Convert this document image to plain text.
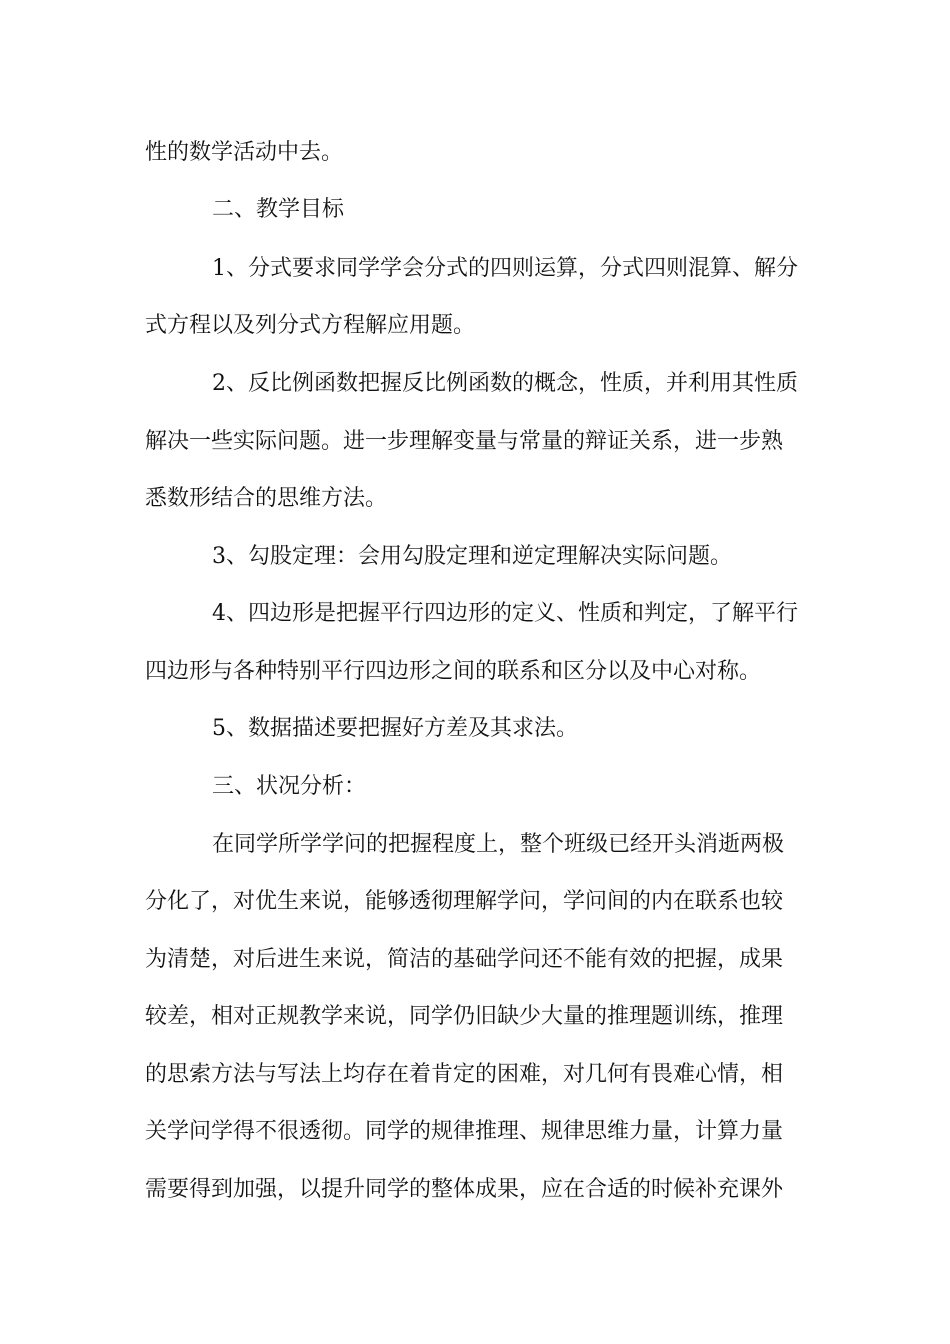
性的数学活动中去。
二、教学目标
1、分式要求同学学会分式的四则运算，分式四则混算、解分
式方程以及列分式方程解应用题。
2、反比例函数把握反比例函数的概念，性质，并利用其性质
解决一些实际问题。进一步理解变量与常量的辩证关系，进一步熟
悉数形结合的思维方法。
3、勾股定理：会用勾股定理和逆定理解决实际问题。
4、四边形是把握平行四边形的定义、性质和判定，了解平行
四边形与各种特别平行四边形之间的联系和区分以及中心对称。
5、数据描述要把握好方差及其求法。
三、状况分析：
在同学所学学问的把握程度上，整个班级已经开头消逝两极
分化了，对优生来说，能够透彻理解学问，学问间的内在联系也较
为清楚，对后进生来说，简洁的基础学问还不能有效的把握，成果
较差，相对正规教学来说，同学仍旧缺少大量的推理题训练，推理
的思索方法与写法上均存在着肯定的困难，对几何有畏难心情，相
关学问学得不很透彻。同学的规律推理、规律思维力量，计算力量
需要得到加强，以提升同学的整体成果，应在合适的时候补充课外
